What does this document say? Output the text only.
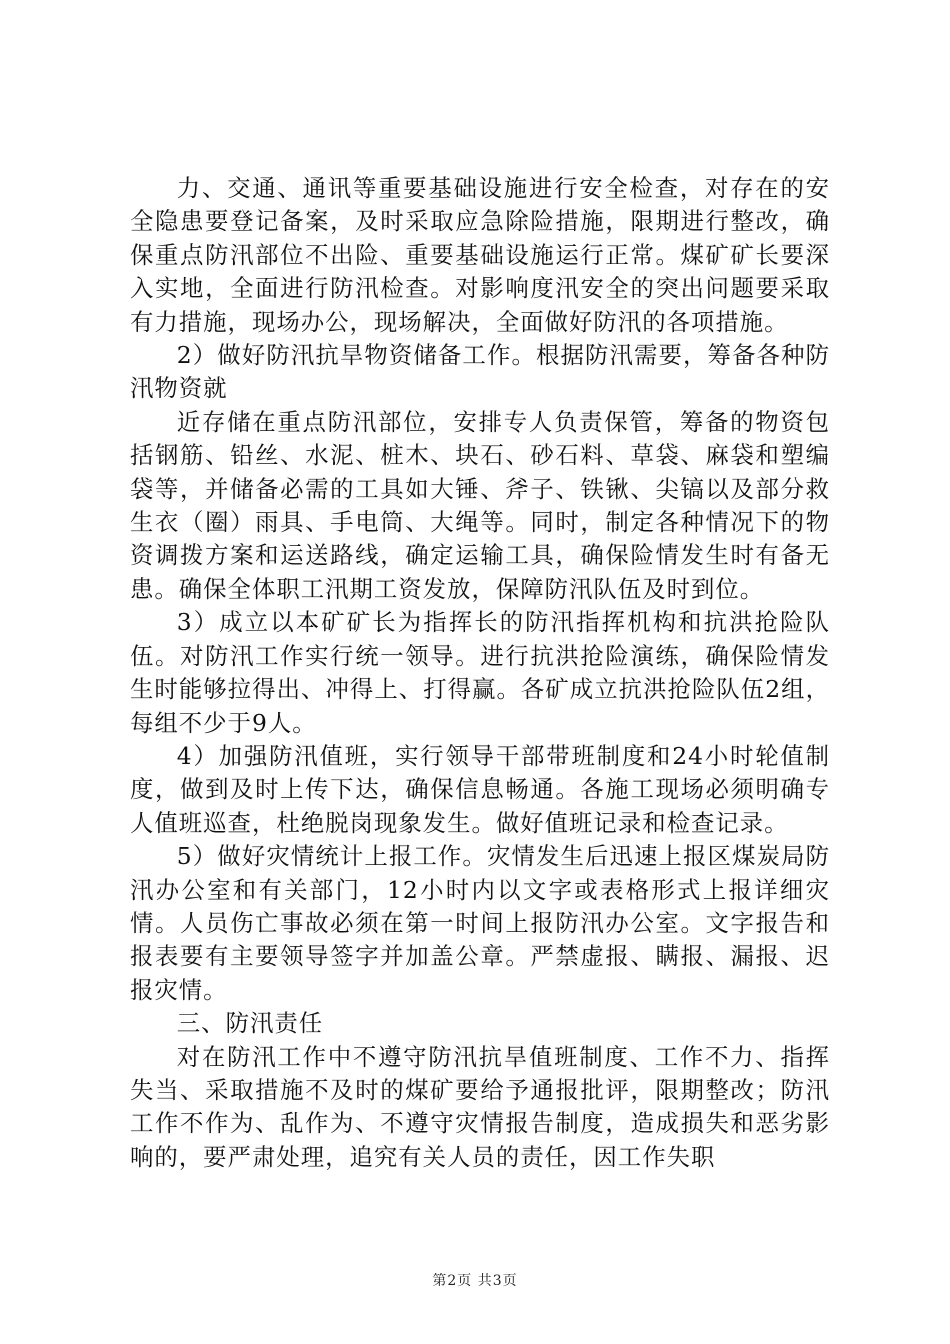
力、交通、通讯等重要基础设施进行安全检查，对存在的安全隐患要登记备案，及时采取应急除险措施，限期进行整改，确保重点防汛部位不出险、重要基础设施运行正常。煤矿矿长要深入实地，全面进行防汛检查。对影响度汛安全的突出问题要采取有力措施，现场办公，现场解决，全面做好防汛的各项措施。

2）做好防汛抗旱物资储备工作。根据防汛需要，筹备各种防汛物资就

近存储在重点防汛部位，安排专人负责保管，筹备的物资包括钢筋、铅丝、水泥、桩木、块石、砂石料、草袋、麻袋和塑编袋等，并储备必需的工具如大锤、斧子、铁锹、尖镐以及部分救生衣（圈）雨具、手电筒、大绳等。同时，制定各种情况下的物资调拨方案和运送路线，确定运输工具，确保险情发生时有备无患。确保全体职工汛期工资发放，保障防汛队伍及时到位。

3）成立以本矿矿长为指挥长的防汛指挥机构和抗洪抢险队伍。对防汛工作实行统一领导。进行抗洪抢险演练，确保险情发生时能够拉得出、冲得上、打得赢。各矿成立抗洪抢险队伍2组，每组不少于9人。

4）加强防汛值班，实行领导干部带班制度和24小时轮值制度，做到及时上传下达，确保信息畅通。各施工现场必须明确专人值班巡查，杜绝脱岗现象发生。做好值班记录和检查记录。

5）做好灾情统计上报工作。灾情发生后迅速上报区煤炭局防汛办公室和有关部门，12小时内以文字或表格形式上报详细灾情。人员伤亡事故必须在第一时间上报防汛办公室。文字报告和报表要有主要领导签字并加盖公章。严禁虚报、瞒报、漏报、迟报灾情。

三、防汛责任

对在防汛工作中不遵守防汛抗旱值班制度、工作不力、指挥失当、采取措施不及时的煤矿要给予通报批评，限期整改；防汛工作不作为、乱作为、不遵守灾情报告制度，造成损失和恶劣影响的，要严肃处理，追究有关人员的责任，因工作失职

第2页 共3页
